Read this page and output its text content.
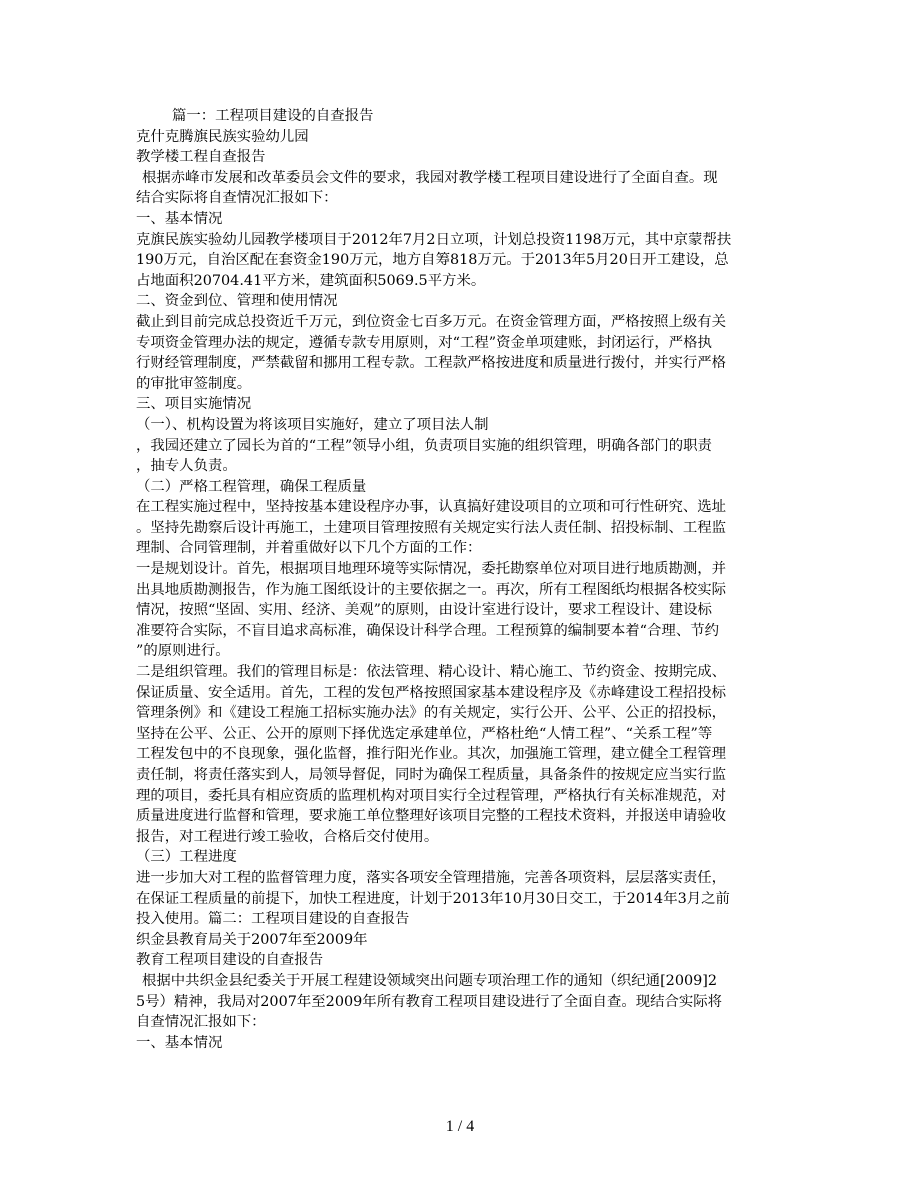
篇一：工程项目建设的自查报告

克什克腾旗民族实验幼儿园

教学楼工程自查报告

根据赤峰市发展和改革委员会文件的要求，我园对教学楼工程项目建设进行了全面自查。现

结合实际将自查情况汇报如下：

一、基本情况

克旗民族实验幼儿园教学楼项目于2012年7月2日立项，计划总投资1198万元，其中京蒙帮扶

190万元，自治区配在套资金190万元，地方自筹818万元。于2013年5月20日开工建设，总

占地面积20704.41平方米，建筑面积5069.5平方米。

二、资金到位、管理和使用情况

截止到目前完成总投资近千万元，到位资金七百多万元。在资金管理方面，严格按照上级有关

专项资金管理办法的规定，遵循专款专用原则，对“工程”资金单项建账，封闭运行，严格执

行财经管理制度，严禁截留和挪用工程专款。工程款严格按进度和质量进行拨付，并实行严格

的审批审签制度。

三、项目实施情况

（一）、机构设置为将该项目实施好，建立了项目法人制

，我园还建立了园长为首的“工程”领导小组，负责项目实施的组织管理，明确各部门的职责

，抽专人负责。

（二）严格工程管理，确保工程质量

在工程实施过程中，坚持按基本建设程序办事，认真搞好建设项目的立项和可行性研究、选址

。坚持先勘察后设计再施工，土建项目管理按照有关规定实行法人责任制、招投标制、工程监

理制、合同管理制，并着重做好以下几个方面的工作：

一是规划设计。首先，根据项目地理环境等实际情况，委托勘察单位对项目进行地质勘测，并

出具地质勘测报告，作为施工图纸设计的主要依据之一。再次，所有工程图纸均根据各校实际

情况，按照“坚固、实用、经济、美观”的原则，由设计室进行设计，要求工程设计、建设标

准要符合实际，不盲目追求高标准，确保设计科学合理。工程预算的编制要本着“合理、节约

”的原则进行。

二是组织管理。我们的管理目标是：依法管理、精心设计、精心施工、节约资金、按期完成、

保证质量、安全适用。首先，工程的发包严格按照国家基本建设程序及《赤峰建设工程招投标

管理条例》和《建设工程施工招标实施办法》的有关规定，实行公开、公平、公正的招投标，

坚持在公平、公正、公开的原则下择优选定承建单位，严格杜绝“人情工程”、“关系工程”等

工程发包中的不良现象，强化监督，推行阳光作业。其次，加强施工管理，建立健全工程管理

责任制，将责任落实到人，局领导督促，同时为确保工程质量，具备条件的按规定应当实行监

理的项目，委托具有相应资质的监理机构对项目实行全过程管理，严格执行有关标准规范，对

质量进度进行监督和管理，要求施工单位整理好该项目完整的工程技术资料，并报送申请验收

报告，对工程进行竣工验收，合格后交付使用。

（三）工程进度

进一步加大对工程的监督管理力度，落实各项安全管理措施，完善各项资料，层层落实责任，

在保证工程质量的前提下，加快工程进度，计划于2013年10月30日交工，于2014年3月之前

投入使用。篇二：工程项目建设的自查报告

织金县教育局关于2007年至2009年

教育工程项目建设的自查报告

根据中共织金县纪委关于开展工程建设领域突出问题专项治理工作的通知（织纪通[2009]2

5号）精神，我局对2007年至2009年所有教育工程项目建设进行了全面自查。现结合实际将

自查情况汇报如下：

一、基本情况

1 / 4
